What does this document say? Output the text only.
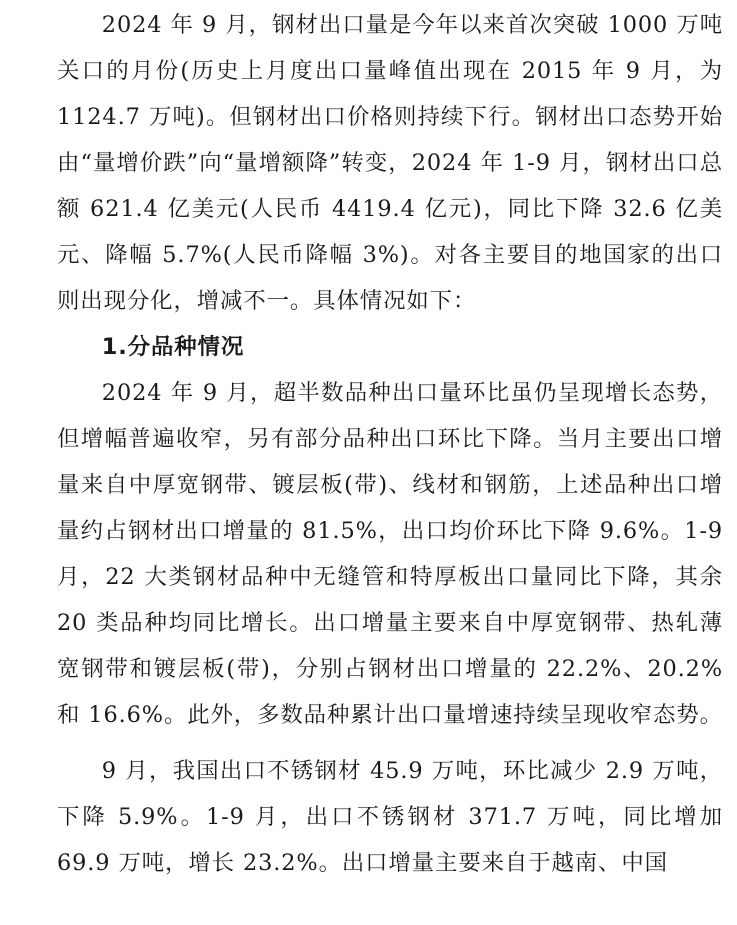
2024 年 9 月，钢材出口量是今年以来首次突破 1000 万吨关口的月份(历史上月度出口量峰值出现在 2015 年 9 月，为 1124.7 万吨)。但钢材出口价格则持续下行。钢材出口态势开始由“量增价跌”向“量增额降”转变，2024 年 1-9 月，钢材出口总额 621.4 亿美元(人民币 4419.4 亿元)，同比下降 32.6 亿美元、降幅 5.7%(人民币降幅 3%)。对各主要目的地国家的出口则出现分化，增减不一。具体情况如下：

1.分品种情况

2024 年 9 月，超半数品种出口量环比虽仍呈现增长态势，但增幅普遍收窄，另有部分品种出口环比下降。当月主要出口增量来自中厚宽钢带、镀层板(带)、线材和钢筋，上述品种出口增量约占钢材出口增量的 81.5%，出口均价环比下降 9.6%。1-9 月，22 大类钢材品种中无缝管和特厚板出口量同比下降，其余 20 类品种均同比增长。出口增量主要来自中厚宽钢带、热轧薄宽钢带和镀层板(带)，分别占钢材出口增量的 22.2%、20.2%和 16.6%。此外，多数品种累计出口量增速持续呈现收窄态势。

9 月，我国出口不锈钢材 45.9 万吨，环比减少 2.9 万吨，下降 5.9%。1-9 月，出口不锈钢材 371.7 万吨，同比增加 69.9 万吨，增长 23.2%。出口增量主要来自于越南、中国
